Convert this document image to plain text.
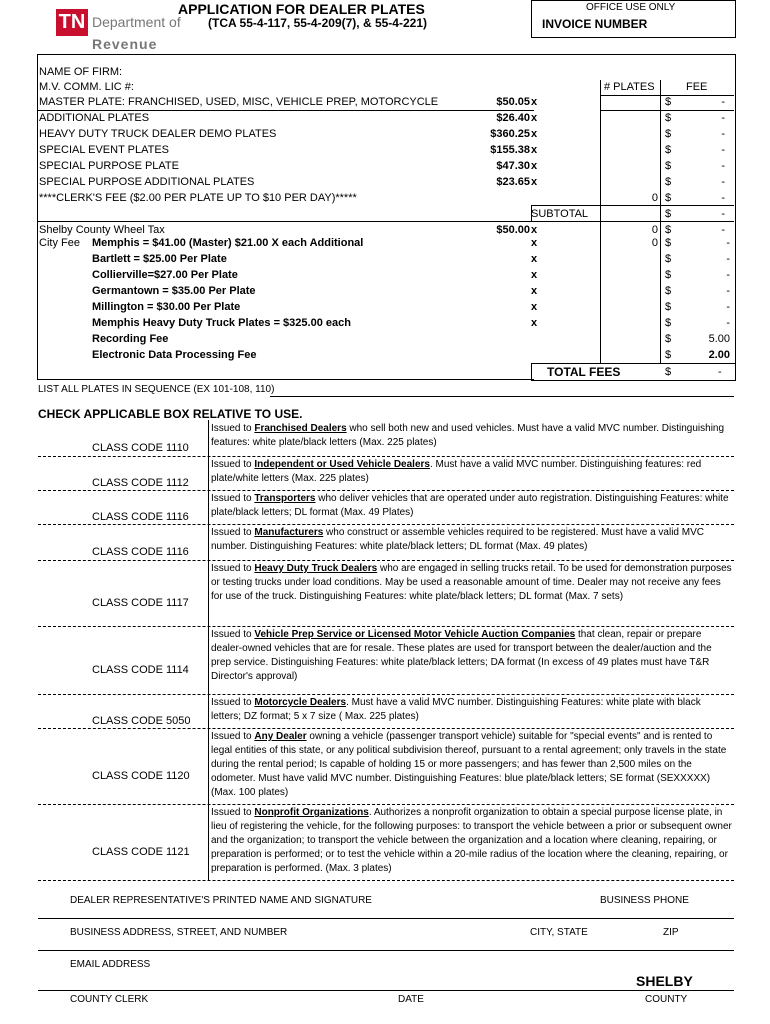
TN Department of
Revenue
APPLICATION FOR DEALER PLATES
(TCA 55-4-117, 55-4-209(7), & 55-4-221)
OFFICE USE ONLY
INVOICE NUMBER
NAME OF FIRM:
M.V. COMM. LIC #:	# PLATES	FEE
MASTER PLATE: FRANCHISED, USED, MISC, VEHICLE PREP, MOTORCYCLE	$50.05 x	$	-
ADDITIONAL PLATES	$26.40 x	$	-
HEAVY DUTY TRUCK DEALER DEMO PLATES	$360.25 x	$	-
SPECIAL EVENT PLATES	$155.38 x	$	-
SPECIAL PURPOSE PLATE	$47.30 x	$	-
SPECIAL PURPOSE ADDITIONAL PLATES	$23.65 x	$	-
****CLERK'S FEE ($2.00 PER PLATE UP TO $10 PER DAY)*****	0 $	-
SUBTOTAL	$	-
Shelby County Wheel Tax	$50.00 x	0 $	-
City Fee Memphis = $41.00 (Master) $21.00 X each Additional	x	0 $	-
Bartlett = $25.00 Per Plate	x	$	-
Collierville=$27.00 Per Plate	x	$	-
Germantown = $35.00 Per Plate	x	$	-
Millington = $30.00 Per Plate	x	$	-
Memphis Heavy Duty Truck Plates = $325.00 each	x	$	-
Recording Fee	$	5.00
Electronic Data Processing Fee	$	2.00
TOTAL FEES	$	-
LIST ALL PLATES IN SEQUENCE (EX 101-108, 110)
CHECK APPLICABLE BOX RELATIVE TO USE.
CLASS CODE 1110
Issued to Franchised Dealers who sell both new and used vehicles. Must have a valid MVC number. Distinguishing features: white plate/black letters (Max. 225 plates)
CLASS CODE 1112
Issued to Independent or Used Vehicle Dealers. Must have a valid MVC number. Distinguishing features: red plate/white letters (Max. 225 plates)
CLASS CODE 1116
Issued to Transporters who deliver vehicles that are operated under auto registration. Distinguishing Features: white plate/black letters; DL format (Max. 49 Plates)
CLASS CODE 1116
Issued to Manufacturers who construct or assemble vehicles required to be registered. Must have a valid MVC number. Distinguishing Features: white plate/black letters; DL format (Max. 49 plates)
CLASS CODE 1117
Issued to Heavy Duty Truck Dealers who are engaged in selling trucks retail. To be used for demonstration purposes or testing trucks under load conditions. May be used a reasonable amount of time. Dealer may not receive any fees for use of the truck. Distinguishing Features: white plate/black letters; DL format (Max. 7 sets)
CLASS CODE 1114
Issued to Vehicle Prep Service or Licensed Motor Vehicle Auction Companies that clean, repair or prepare dealer-owned vehicles that are for resale. These plates are used for transport between the dealer/auction and the prep service. Distinguishing Features: white plate/black letters; DA format (In excess of 49 plates must have T&R Director's approval)
CLASS CODE 5050
Issued to Motorcycle Dealers. Must have a valid MVC number. Distinguishing Features: white plate with black letters; DZ format; 5 x 7 size ( Max. 225 plates)
CLASS CODE 1120
Issued to Any Dealer owning a vehicle (passenger transport vehicle) suitable for "special events" and is rented to legal entities of this state, or any political subdivision thereof, pursuant to a rental agreement; only travels in the state during the rental period; Is capable of holding 15 or more passengers; and has fewer than 2,500 miles on the odometer. Must have valid MVC number. Distinguishing Features: blue plate/black letters; SE format (SEXXXXX) (Max. 100 plates)
CLASS CODE 1121
Issued to Nonprofit Organizations. Authorizes a nonprofit organization to obtain a special purpose license plate, in lieu of registering the vehicle, for the following purposes: to transport the vehicle between a prior or subsequent owner and the organization; to transport the vehicle between the organization and a location where cleaning, repairing, or preparation is performed; or to test the vehicle within a 20-mile radius of the location where the cleaning, repairing, or preparation is performed. (Max. 3 plates)
DEALER REPRESENTATIVE'S PRINTED NAME AND SIGNATURE	BUSINESS PHONE
BUSINESS ADDRESS, STREET, AND NUMBER	CITY, STATE	ZIP
EMAIL ADDRESS
SHELBY
COUNTY CLERK	DATE	COUNTY
